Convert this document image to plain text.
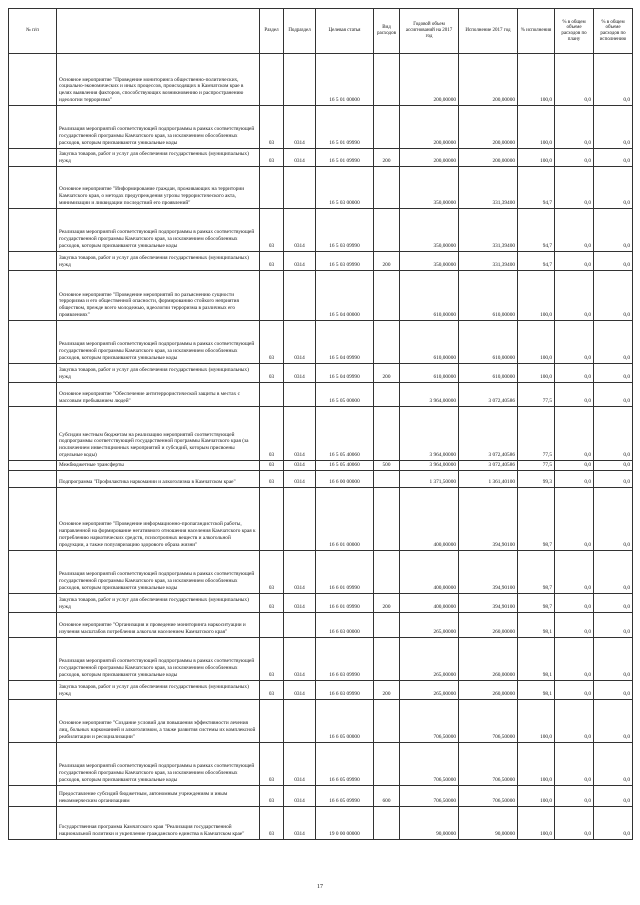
№ п/п		Раздел	Подраздел	Целевая статья	Вид расходов	Годовой объем ассигнований на 2017 год	Исполнение 2017 год	% исполнения	% в общем объеме расходов по плану	% в общем объеме расходов по исполнению
	Основное мероприятие "Проведение мониторинга общественно-политических, социально-экономических и иных процессов, происходящих в Камчатском крае в целях выявления факторов, способствующих возникновению и распространению идеологии терроризма"			16 5 01 00000		200,00000	200,00000	100,0	0,0	0,0
	Реализация мероприятий соответствующей подпрограммы в рамках соответствующей государственной программы Камчатского края, за исключением обособленных расходов, которым присваиваются уникальные коды	03	0314	16 5 01 09990		200,00000	200,00000	100,0	0,0	0,0
	Закупка товаров, работ и услуг для обеспечения государственных (муниципальных) нужд	03	0314	16 5 01 09990	200	200,00000	200,00000	100,0	0,0	0,0
	Основное мероприятие "Информирование граждан, проживающих на территории Камчатского края, о методах предупреждения угрозы террористического акта, минимизации и ликвидации последствий его проявлений"			16 5 03 00000		350,00000	331,39400	94,7	0,0	0,0
	Реализация мероприятий соответствующей подпрограммы в рамках соответствующей государственной программы Камчатского края, за исключением обособленных расходов, которым присваиваются уникальные коды	03	0314	16 5 03 09990		350,00000	331,39400	94,7	0,0	0,0
	Закупка товаров, работ и услуг для обеспечения государственных (муниципальных) нужд	03	0314	16 5 03 09990	200	350,00000	331,39400	94,7	0,0	0,0
	Основное мероприятие "Проведение мероприятий по разъяснению сущности терроризма и его общественной опасности, формированию стойкого неприятия обществом, прежде всего молодежью, идеологии терроризма в различных его проявлениях"			16 5 04 00000		610,00000	610,00000	100,0	0,0	0,0
	Реализация мероприятий соответствующей подпрограммы в рамках соответствующей государственной программы Камчатского края, за исключением обособленных расходов, которым присваиваются уникальные коды	03	0314	16 5 04 09990		610,00000	610,00000	100,0	0,0	0,0
	Закупка товаров, работ и услуг для обеспечения государственных (муниципальных) нужд	03	0314	16 5 04 09990	200	610,00000	610,00000	100,0	0,0	0,0
	Основное мероприятие "Обеспечение антитеррористической защиты в местах с массовым пребыванием людей"			16 5 05 00000		3 964,00000	3 072,40586	77,5	0,0	0,0
	Субсидии местным бюджетам на реализацию мероприятий соответствующей подпрограммы соответствующей государственной программы Камчатского края (за исключением инвестиционных мероприятий и субсидий, которым присвоены отдельные коды)	03	0314	16 5 05 40060		3 964,00000	3 072,40586	77,5	0,0	0,0
	Межбюджетные трансферты	03	0314	16 5 05 40060	500	3 964,00000	3 072,40586	77,5	0,0	0,0
	Подпрограмма "Профилактика наркомании и алкоголизма в Камчатском крае"	03	0314	16 6 00 00000		1 371,50000	1 361,40100	99,3	0,0	0,0
	Основное мероприятие "Проведение информационно-пропагандистской работы, направленной на формирование негативного отношения населения Камчатского края к потреблению наркотических средств, психотропных веществ и алкогольной продукции, а также популяризацию здорового образа жизни"			16 6 01 00000		400,00000	394,90100	98,7	0,0	0,0
	Реализация мероприятий соответствующей подпрограммы в рамках соответствующей государственной программы Камчатского края, за исключением обособленных расходов, которым присваиваются уникальные коды	03	0314	16 6 01 09990		400,00000	394,90100	98,7	0,0	0,0
	Закупка товаров, работ и услуг для обеспечения государственных (муниципальных) нужд	03	0314	16 6 01 09990	200	400,00000	394,90100	98,7	0,0	0,0
	Основное мероприятие "Организация и проведение мониторинга наркоситуации и изучения масштабов потребления алкоголя населением Камчатского края"			16 6 03 00000		265,00000	260,00000	98,1	0,0	0,0
	Реализация мероприятий соответствующей подпрограммы в рамках соответствующей государственной программы Камчатского края, за исключением обособленных расходов, которым присваиваются уникальные коды	03	0314	16 6 03 09990		265,00000	260,00000	98,1	0,0	0,0
	Закупка товаров, работ и услуг для обеспечения государственных (муниципальных) нужд	03	0314	16 6 03 09990	200	265,00000	260,00000	98,1	0,0	0,0
	Основное мероприятие "Создание условий для повышения эффективности лечения лиц, больных наркоманией и алкоголизмом, а также развития системы их комплексной реабилитации и ресоциализации"			16 6 05 00000		706,50000	706,50000	100,0	0,0	0,0
	Реализация мероприятий соответствующей подпрограммы в рамках соответствующей государственной программы Камчатского края, за исключением обособленных расходов, которым присваиваются уникальные коды	03	0314	16 6 05 09990		706,50000	706,50000	100,0	0,0	0,0
	Предоставление субсидий бюджетным, автономным учреждениям и иным некоммерческим организациям	03	0314	16 6 05 09990	600	706,50000	706,50000	100,0	0,0	0,0
	Государственная программа Камчатского края "Реализация государственной национальной политики и укрепление гражданского единства в Камчатском крае"	03	0314	19 0 00 00000		90,00000	90,00000	100,0	0,0	0,0
17
